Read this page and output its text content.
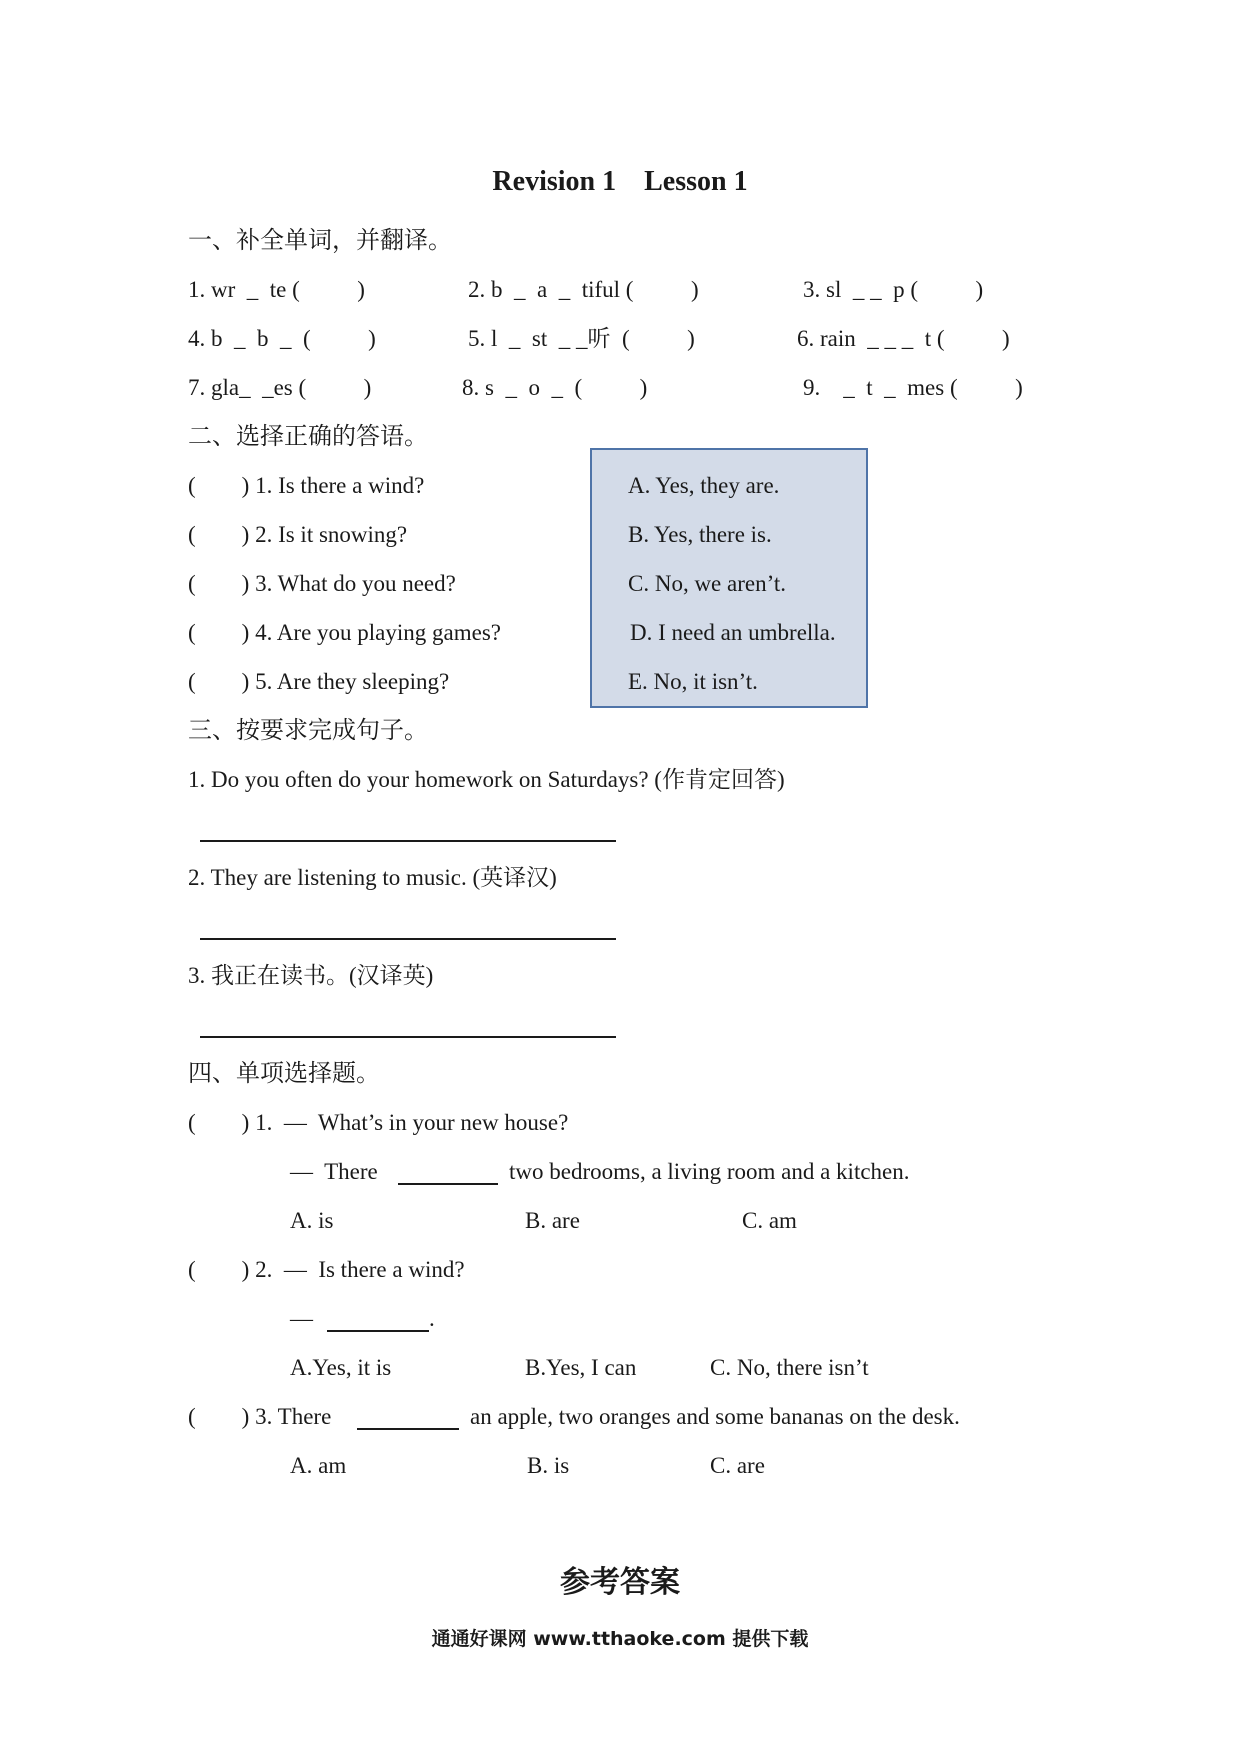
Revision 1    Lesson 1
一、补全单词，并翻译。
1. wr  _  te (          )	2. b  _  a  _  tiful (          )	3. sl  _ _  p (          )
4. b  _  b  _  (          )	5. l  _  st  _ _听  (          )	6. rain  _ _ _  t (          )
7. gla_  _es (          )	8. s  _  o  _  (          )	9.    _  t  _  mes (          )
二、选择正确的答语。
(        ) 1. Is there a wind?
(        ) 2. Is it snowing?
(        ) 3. What do you need?
(        ) 4. Are you playing games?
(        ) 5. Are they sleeping?
A. Yes, they are.
B. Yes, there is.
C. No, we aren’t.
D. I need an umbrella.
E. No, it isn’t.
三、按要求完成句子。
1. Do you often do your homework on Saturdays? (作肯定回答)
2. They are listening to music. (英译汉)
3. 我正在读书。(汉译英)
四、单项选择题。
(        ) 1.  —  What’s in your new house?
—  There	two bedrooms, a living room and a kitchen.
A. is	B. are	C. am
(        ) 2.  —  Is there a wind?
—	.
A.Yes, it is	B.Yes, I can	C. No, there isn’t
(        ) 3. There	an apple, two oranges and some bananas on the desk.
A. am	B. is	C. are
参考答案
通通好课网 www.tthaoke.com 提供下载
